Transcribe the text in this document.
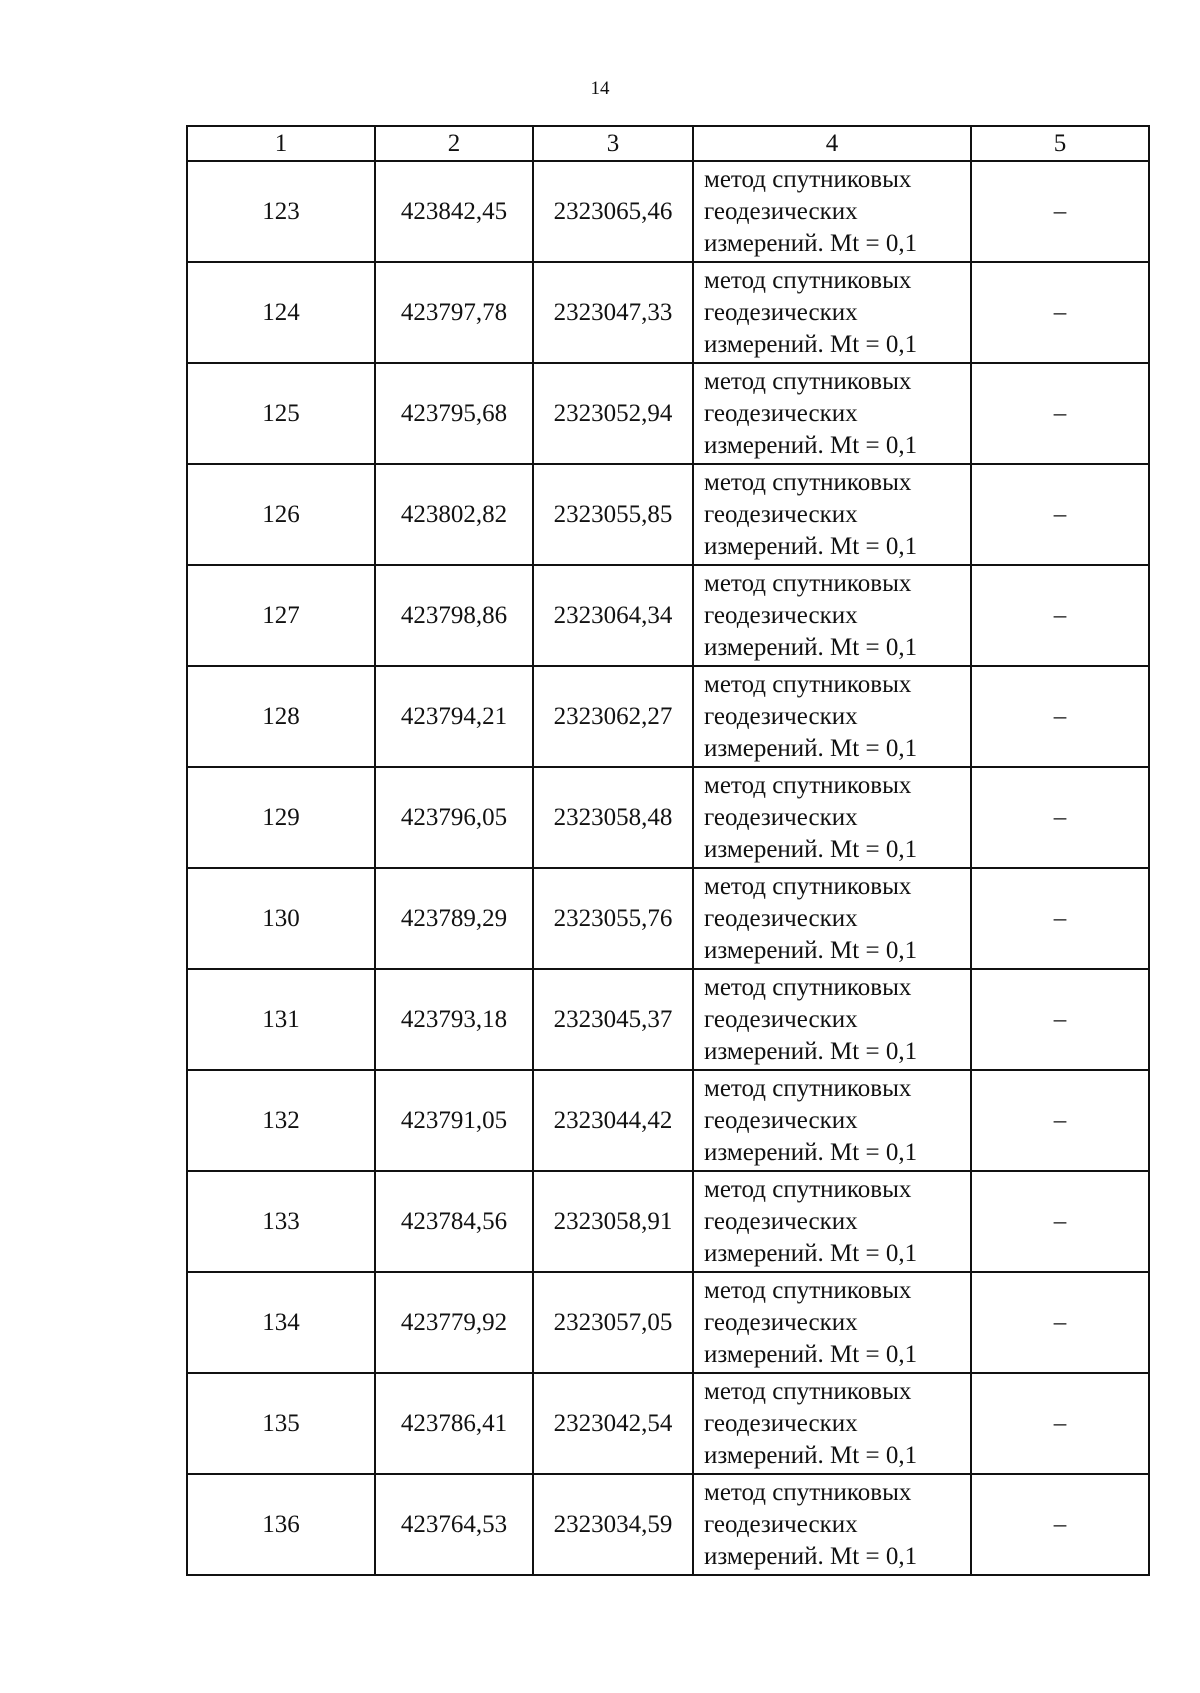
14
1	2	3	4	5
123	423842,45	2323065,46	метод спутниковых
геодезических
измерений. Mt = 0,1	–
124	423797,78	2323047,33	метод спутниковых
геодезических
измерений. Mt = 0,1	–
125	423795,68	2323052,94	метод спутниковых
геодезических
измерений. Mt = 0,1	–
126	423802,82	2323055,85	метод спутниковых
геодезических
измерений. Mt = 0,1	–
127	423798,86	2323064,34	метод спутниковых
геодезических
измерений. Mt = 0,1	–
128	423794,21	2323062,27	метод спутниковых
геодезических
измерений. Mt = 0,1	–
129	423796,05	2323058,48	метод спутниковых
геодезических
измерений. Mt = 0,1	–
130	423789,29	2323055,76	метод спутниковых
геодезических
измерений. Mt = 0,1	–
131	423793,18	2323045,37	метод спутниковых
геодезических
измерений. Mt = 0,1	–
132	423791,05	2323044,42	метод спутниковых
геодезических
измерений. Mt = 0,1	–
133	423784,56	2323058,91	метод спутниковых
геодезических
измерений. Mt = 0,1	–
134	423779,92	2323057,05	метод спутниковых
геодезических
измерений. Mt = 0,1	–
135	423786,41	2323042,54	метод спутниковых
геодезических
измерений. Mt = 0,1	–
136	423764,53	2323034,59	метод спутниковых
геодезических
измерений. Mt = 0,1	–
